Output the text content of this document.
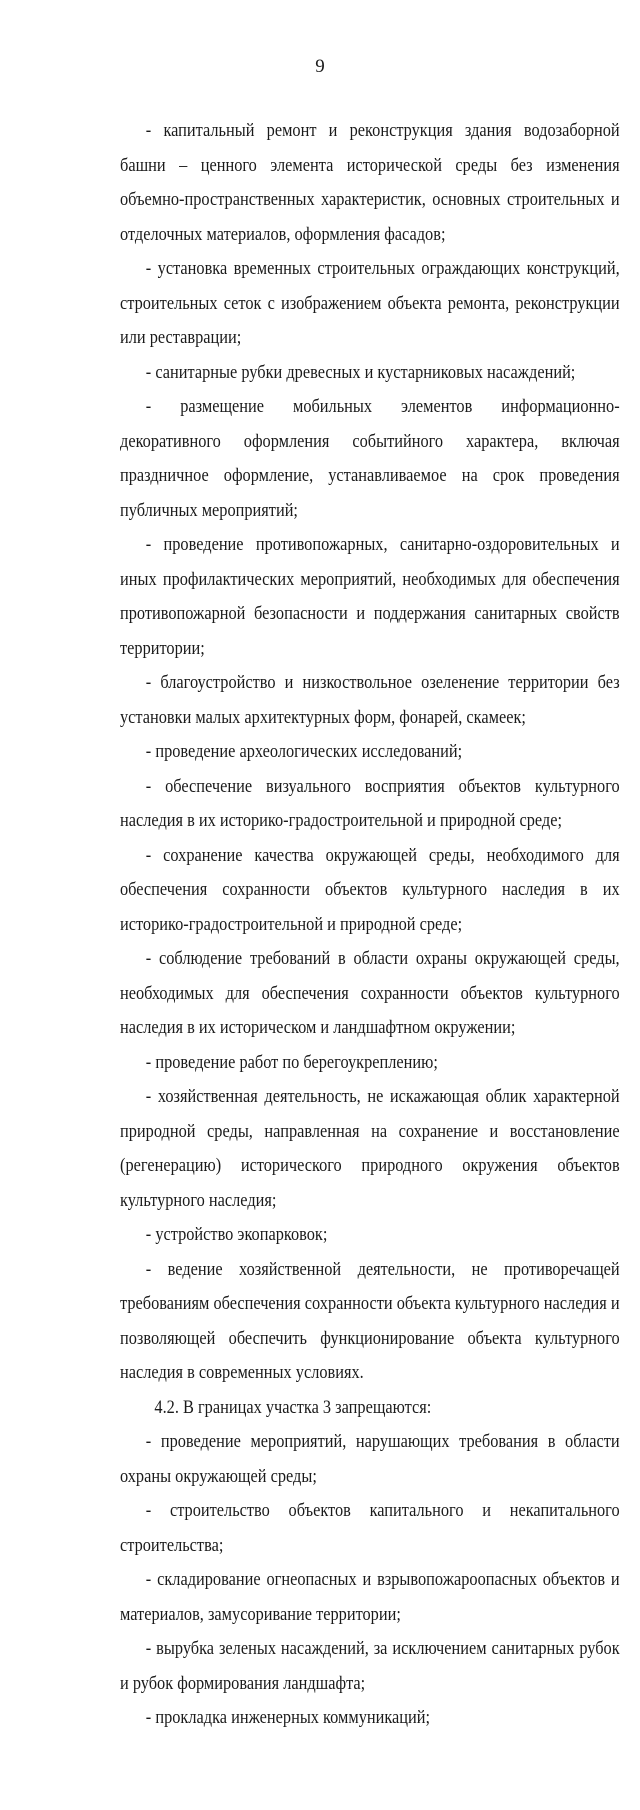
9

- капитальный ремонт и реконструкция здания водозаборной башни – ценного элемента исторической среды без изменения объемно-пространственных характеристик, основных строительных и отделочных материалов, оформления фасадов;

- установка временных строительных ограждающих конструкций, строительных сеток с изображением объекта ремонта, реконструкции или реставрации;

- санитарные рубки древесных и кустарниковых насаждений;

- размещение мобильных элементов информационно-декоративного оформления событийного характера, включая праздничное оформление, устанавливаемое на срок проведения публичных мероприятий;

- проведение противопожарных, санитарно-оздоровительных и иных профилактических мероприятий, необходимых для обеспечения противопожарной безопасности и поддержания санитарных свойств территории;

- благоустройство и низкоствольное озеленение территории без установки малых архитектурных форм, фонарей, скамеек;

- проведение археологических исследований;

- обеспечение визуального восприятия объектов культурного наследия в их историко-градостроительной и природной среде;

- сохранение качества окружающей среды, необходимого для обеспечения сохранности объектов культурного наследия в их историко-градостроительной и природной среде;

- соблюдение требований в области охраны окружающей среды, необходимых для обеспечения сохранности объектов культурного наследия в их историческом и ландшафтном окружении;

- проведение работ по берегоукреплению;

- хозяйственная деятельность, не искажающая облик характерной природной среды, направленная на сохранение и восстановление (регенерацию) исторического природного окружения объектов культурного наследия;

- устройство экопарковок;

- ведение хозяйственной деятельности, не противоречащей требованиям обеспечения сохранности объекта культурного наследия и позволяющей обеспечить функционирование объекта культурного наследия в современных условиях.

4.2. В границах участка 3 запрещаются:

- проведение мероприятий, нарушающих требования в области охраны окружающей среды;

- строительство объектов капитального и некапитального строительства;

- складирование огнеопасных и взрывопожароопасных объектов и материалов, замусоривание территории;

- вырубка зеленых насаждений, за исключением санитарных рубок и рубок формирования ландшафта;

- прокладка инженерных коммуникаций;
